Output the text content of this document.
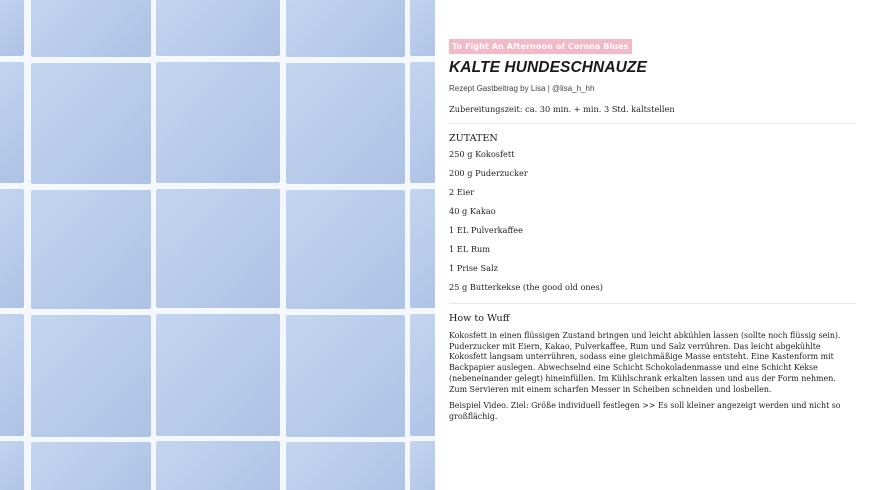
To Fight An Afternoon of Corona Blues
KALTE HUNDESCHNAUZE
Rezept Gastbeitrag by Lisa | @lisa_h_hh
Zubereitungszeit: ca. 30 min. + min. 3 Std. kaltstellen
ZUTATEN
250 g Kokosfett
200 g Puderzucker
2 Eier
40 g Kakao
1 EL Pulverkaffee
1 EL Rum
1 Prise Salz
25 g Butterkekse (the good old ones)
How to Wuff
Kokosfett in einen flüssigen Zustand bringen und leicht abkühlen lassen (sollte noch flüssig sein). Puderzucker mit Eiern, Kakao, Pulverkaffee, Rum und Salz verrühren. Das leicht abgekühlte Kokosfett langsam unterrühren, sodass eine gleichmäßige Masse entsteht. Eine Kastenform mit Backpapier auslegen. Abwechselnd eine Schicht Schokoladenmasse und eine Schicht Kekse (nebeneinander gelegt) hineinfüllen. Im Kühlschrank erkalten lassen und aus der Form nehmen. Zum Servieren mit einem scharfen Messer in Scheiben schneiden und losbellen.
Beispiel Video. Ziel: Größe individuell festlegen >> Es soll kleiner angezeigt werden und nicht so großflächig.
